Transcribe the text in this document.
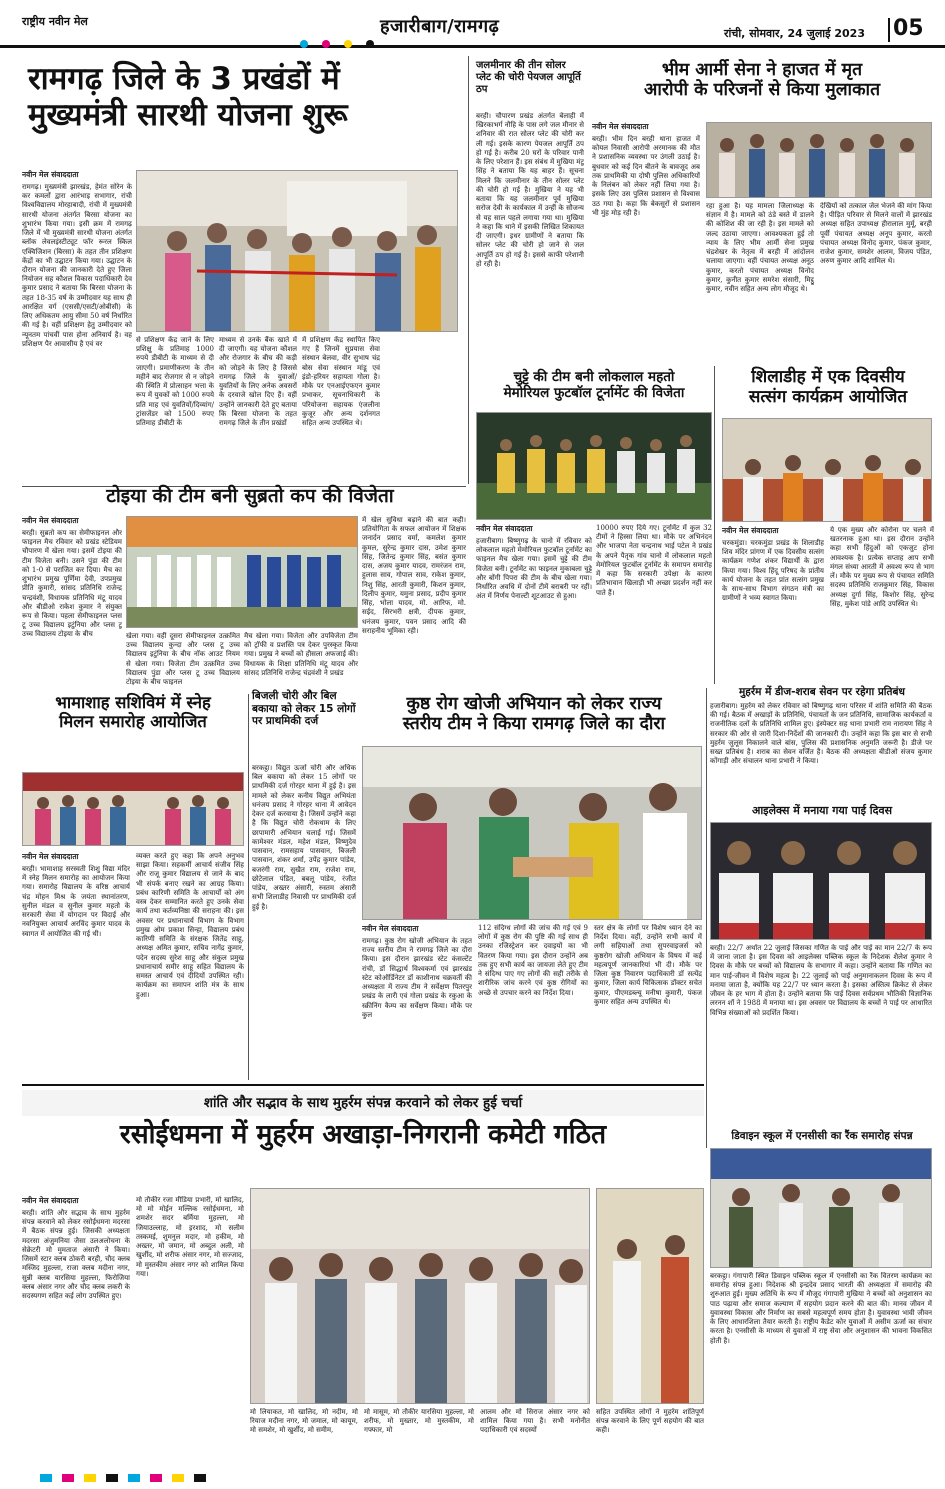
राष्ट्रीय नवीन मेल	हजारीबाग/रामगढ़	रांची, सोमवार, 24 जुलाई 2023 05
रामगढ़ जिले के 3 प्रखंडों में
मुख्यमंत्री सारथी योजना शुरू
नवीन मेल संवाददाता
रामगढ़। मुख्यमंत्री झारखंड, हेमंत सोरेन के कर कमलों द्वारा आरंभाइ सभागार, रांची विश्वविद्यालय मोरहाबादी, रांची में मुख्यमंत्री सारथी योजना अंतर्गत बिरसा योजना का शुभारंभ किया गया। इसी क्रम में रामगढ़ जिले में भी मुख्यमंत्री सारथी योजना अंतर्गत ब्लॉक लेवलइंस्टीट्यूट फॉर रूरल स्किल एक्विजिशन (बिरसा) के तहत तीन प्रशिक्षण केंद्रों का भी उद्घाटन किया गया। उद्घाटन के दौरान योजना की जानकारी देते हुए जिला नियोजन सह कौशल विकास पदाधिकारी देव कुमार प्रसाद ने बताया कि बिरसा योजना के तहत 18-35 वर्ष के उम्मीदवार यह साथ ही आरक्षित वर्ग (एससी/एसटी/ओबीसी) के लिए अधिकतम आयु सीमा 50 वर्ष निर्धारित की गई है। वहीं प्रशिक्षण हेतु उम्मीदवार को न्यूनतम पांचवीं पास होना अनिवार्य है। वह प्रशिक्षण पैर आवासीय है एवं वर	से प्रशिक्षण केंद्र जाने के लिए प्रशिक्षु के प्रतिमाह 1000 रुपये डीबीटी के माध्यम से दी जाएगी। प्रमाणीकरण के तीन महीने बाद रोजगार से न जोड़ने की स्थिति में प्रोत्साहन भत्ता के रूप में युवकों को 1000 रुपये प्रति माह एवं युवतियों/दिव्यांग/ट्रांसजेंडर को 1500 रुपए प्रतिमाह डीबीटी के
माध्यम से उनके बैंक खाते में दी जाएगी। यह योजना कौशल और रोजगार के बीच की कड़ी को जोड़ने के लिए है जिससे रामगढ़ जिले के युवाओं/युवतियों के लिए अनेक अवसरों के दरवाजे खोल दिए हैं। वहीं उन्होंने जानकारी देते हुए बताया कि बिरसा योजना के तहत रामगढ़ जिले के तीन प्रखंडों
में प्रशिक्षण केंद्र स्थापित किए गए हैं जिनमें सुप्रयास सेवा संस्थान बेलवा, वीर सुभाष चंद्र बोस सेवा संस्थान मांडू एवं इंडो-हरियर सहायता गोला है। मौके पर एनआईएफएन कुमार प्रभाकर, सूचनाधिकारी के परियोजना सहायक एंजलीना कुजूर और अन्य दर्शनगत सहित अन्य उपस्थित थे।
जलमीनार की तीन सोलर प्लेट की चोरी पेयजल आपूर्ति ठप
बरही। चौपारण प्रखंड अंतर्गत बेलाही में खिरकाभर्ग नौहि के पास लगे जल मीनार से शनिवार की रात सोलर प्लेट की चोरी कर ली गई। इसके कारण पेयजल आपूर्ति ठप हो गई है। करीब 20 घरों के परिवार पानी के लिए परेशान हैं। इस संबंध में मुखिया मंटू सिंह ने बताया कि यह बाहर हैं। सूचना मिलने कि जलमीनार के तीन सोलर प्लेट की चोरी हो गई है। मुखिया ने यह भी बताया कि यह जलमीनार पूर्व मुखिया सरोज देवी के कार्यकाल में उन्हीं के सौजन्य से यह साल पहले लगाया गया था। मुखिया ने कहा कि थाने में इसकी लिखित शिकायत दी जाएगी। इधर ग्रामीणों ने बताया कि सोलर प्लेट की चोरी हो जाने से जल आपूर्ति ठप हो गई है। इससे काफी परेशानी हो रही है।
भीम आर्मी सेना ने हाजत में मृत
आरोपी के परिजनों से किया मुलाकात
नवीन मेल संवाददाता
बरही। भीम दिन बरही थाना हाजत में कोयल निवासी आरोपी अरमानक की मौत ने प्रशासनिक व्यवस्था पर उंगली उठाई है। बुधवार को कई दिन बीतने के बावजूद अब तक प्राथमिकी या दोषी पुलिस अधिकारियों के निलंबन को लेकर नहीं लिया गया है। इसके लिए उस पुलिस प्रशासन से विश्वास उठ गया है। कहा कि बेकसूरों से प्रशासन भी मुंह मोड़ रही है।
रहा हुआ है। यह मामला जिलाध्यक्ष के संज्ञान में है। मामले को ठंडे बस्ते में डालने की कोशिश की जा रही है। इस मामले को जल्द उठाया जाएगा। आवश्यकता हुई तो न्याय के लिए भीम आर्मी सेना प्रमुख चंद्रशेखर के नेतृत्व में बरही में आंदोलन चलाया जाएगा। वहीं पंचायत अध्यक्ष अनूठ कुमार, करतो पंचायत अध्यक्ष विनोद कुमार, कुनीत कुमार समरेश संसारी, मिट्ठू कुमार, नवीन सहित अन्य लोग मौजूद थे।
देखियों को तत्काल जेल भेजने की मांग किया है। पीड़ित परिवार से मिलने वालों में झारखंड अध्यक्ष सहित उपाध्यक्ष हीरालाल मुर्मू, बरही पूर्वी पंचायत अध्यक्ष अनूप कुमार, करतो पंचायत अध्यक्ष विनोद कुमार, पंकज कुमार, राजेश कुमार, समशेर आलम, विजय पंडित, अरुण कुमार आदि शामिल थे।
चुट्टे की टीम बनी लोकलाल महतो
मेमोरियल फुटबॉल टूर्नामेंट की विजेता
नवीन मेल संवाददाता
हजारीबाग। बिष्णुगढ़ के चानो में रविवार को लोकलाल महतो मेमोरियल फुटबॉल टूर्नामेंट का फाइनल मैच खेला गया। इसमें चुट्टे की टीम विजेता बनी। टूर्नामेंट का फाइनल मुकाबला चुट्टे और बोंगी पिपरा की टीम के बीच खेला गया। निर्धारित अवधि में दोनों टीमें बराबरी पर रहीं। अंत में निर्णय पेनाल्टी शूटआउट से हुआ।
10000 रुपए दिये गए। टूर्नामेंट में कुल 32 टीमों ने हिस्सा लिया था। मौके पर अभिनंदन और भाजपा नेता चन्द्रनाथ भाई पटेल ने प्रखंड के अपने पैतृक गांव चानो में लोकलाल महतो मेमोरियल फुटबॉल टूर्नामेंट के समापन समारोह में कहा कि सरकारी उपेक्षा के कारण प्रतिभावान खिलाड़ी भी अच्छा प्रदर्शन नहीं कर पाते हैं।
शिलाडीह में एक दिवसीय
सत्संग कार्यक्रम आयोजित
नवीन मेल संवाददाता
चरकमुंडा। चरकमुंडा प्रखंड के शिलाडीह शिव मंदिर प्रांगण में एक दिवसीय सत्संग कार्यक्रम गणेश शंकर विद्यार्थी के द्वारा किया गया। विश्व हिंदू परिषद के प्रांतीय कार्य योजना के तहत प्रांत सत्संग प्रमुख के साथ-साथ विभाग संगठन मंत्री का ग्रामीणों ने भव्य स्वागत किया।
ये एक मुख्य और कोरोना पर चलने में खतरनाक हुआ था। इस दौरान उन्होंने कहा सभी हिंदुओं को एकजुट होना आवश्यक है। प्रत्येक सप्ताह आप सभी मंगल संध्या आरती में अवश्य रूप से भाग लें। मौके पर मुख्य रूप से पंचायत समिति सदस्य प्रतिनिधि राजकुमार सिंह, विकास अध्यक्ष दुर्गा सिंह, किशोर सिंह, सुरेन्द्र सिंह, मुकेश पांडे आदि उपस्थित थे।
टोइया की टीम बनी सुब्रतो कप की विजेता
नवीन मेल संवाददाता
बरही। सुब्रतो कप का सेमीफाइनल और फाइनल मैच रविवार को प्रखंड स्टेडियम चौपारण में खेला गया। इसमें टोइया की टीम विजेता बनी। उसने पुंडा की टीम को 1-0 से पराजित कर दिया। मैच का शुभारंभ प्रमुख पूर्णिमा देवी, उपप्रमुख प्रीति कुमारी, सांसद प्रतिनिधि राजेन्द्र चन्द्रवंशी, विधायक प्रतिनिधि मंटू यादव और बीडीओ राकेश कुमार ने संयुक्त रूप से किया। पहला सेमीफाइनल प्लस टू उच्च विद्यालय इटुंनिया और प्लस टू उच्च विद्यालय टोइया के बीच	खेला गया। वहीं दूसरा सेमीफाइनल उत्क्रमित उच्च विद्यालय कुन्दा और प्लस टू उच्च विद्यालय इटुंनिया के बीच नॉक आउट नियम से खेला गया। विजेता टीम उत्क्रमित उच्च विद्यालय पुंडा और प्लस टू उच्च विद्यालय टोइया के बीच फाइनल
मैच खेला गया। विजेता और उपविजेता टीम को ट्रॉफी व प्रशस्ति पत्र देकर पुरस्कृत किया गया। प्रमुख ने बच्चों को हौसला अफजाई की। विधायक के शिक्षा प्रतिनिधि मंटू यादव और सांसद प्रतिनिधि राजेन्द्र चंद्रवंशी ने प्रखंड
में खेल सुविधा बढ़ाने की बात कही। प्रतियोगिता के सफल आयोजन में शिक्षक जनार्दन प्रसाद वर्मा, कमलेश कुमार कुमल, सुरेन्द्र कुमार दास, उमेश कुमार सिंह, जितेन्द्र कुमार सिंह, बसंत कुमार दास, अजय कुमार यादव, रामरंजन राम, हुलास साव, गोपाल साव, राकेश कुमार, निशु सिंह, आरती कुमारी, किशन कुमार, दिलीप कुमार, यमुना प्रसाद, प्रदीप कुमार सिंह, भोला यादव, मो. आरिफ, मो. सईद, सिरभरी क्षत्री, दीपक कुमार, धनंजय कुमार, पवन प्रसाद आदि की सराहनीय भूमिका रही।
भामाशाह सशिविमं में स्नेह
मिलन समारोह आयोजित
नवीन मेल संवाददाता
बरही। भामाशाह सरस्वती शिशु विद्या मंदिर में स्नेह मिलन समारोह का आयोजन किया गया। समारोह विद्यालय के वरिष्ठ आचार्य चंद्र मोहन मिश्र के जयंता स्थानांतरण, सुनील मंडल व सुनील कुमार महतो के सरकारी सेवा में योगदान पर विदाई और नवनियुक्त आचार्य अरविंद कुमार यादव के स्वागत में आयोजित की गई थी।
व्यक्त करते हुए कहा कि अपने अनुभव साझा किया। सहकर्मी आचार्य संजीव सिंह और राजू कुमार विद्यालय से जाने के बाद भी संपर्क बनाए रखने का आग्रह किया। प्रबंध कारिणी समिति के आचार्यों को अंग वस्त्र देकर सम्मानित करते हुए उनके सेवा कार्य तथा कर्तव्यनिष्ठा की सराहना की। इस अवसर पर प्रधानाचार्य विभाग के विभाग प्रमुख ओम प्रकाश सिन्हा, विद्यालय प्रबंध कारिणी समिति के संरक्षक जितेंद्र साहू, अध्यक्ष अमित कुमार, सचिव नागेंद्र कुमार, पदेन सदस्य सुरेश साहू और संकुल प्रमुख प्रधानाचार्य समीर साहू सहित विद्यालय के समस्त आचार्य एवं दीदियों उपस्थित रही। कार्यक्रम का समापन शांति मंत्र के साथ हुआ।
बिजली चोरी और बिल बकाया को लेकर 15 लोगों पर प्राथमिकी दर्ज
बरकट्ठा। विद्युत ऊर्जा चोरी और अधिक बिल बकाया को लेकर 15 लोगों पर प्राथमिकी दर्ज गोरहर थाना में हुई है। इस मामले को लेकर कनीय विद्युत अभियंता धनंजय प्रसाद ने गोरहर थाना में आवेदन देकर दर्ज करवाया है। जिसमें उन्होंने कहा है कि विद्युत चोरी रोकथाम के लिए छापामारी अभियान चलाई गई। जिसमें कामेश्वर मंडल, महेश मंडल, विष्णुदेव पासवान, रामसहाय पासवान, बिजली पासवान, शंकर शर्मा, उपेंद्र कुमार पांडेय, बजरंगी राम, सुखैत राम, राजेश राम, छोटेलाल पंडित, बबलू पांडेय, रंजीत पांडेय, अख्तर अंसारी, रुस्तम अंसारी सभी शिलाडीह निवासी पर प्राथमिकी दर्ज हुई है।
कुष्ठ रोग खोजी अभियान को लेकर राज्य
स्तरीय टीम ने किया रामगढ़ जिले का दौरा
नवीन मेल संवाददाता
रामगढ़। कुष्ठ रोग खोजी अभियान के तहत राज्य स्तरीय टीम ने रामगढ़ जिले का दौरा किया। इस दौरान झारखंड स्टेट कंसल्टेंट रांची, डॉ सिद्धार्थ विश्वकर्मा एवं झारखंड स्टेट कोऑर्डिनेटर डॉ काशीनाथ चक्रवर्ती की अध्यक्षता में राज्य टीम ने सर्वेक्षण पितरपुर प्रखंड के लारी एवं गोला प्रखंड के रकुआ के स्क्रीनिंग कैम्प का सर्वेक्षण किया। मौके पर कुल
112 संदिग्ध लोगों की जांच की गई एवं 9 लोगों में कुष्ठ रोग की पुष्टि की गई साथ ही उनका रजिस्ट्रेशन कर दवाइयों का भी वितरण किया गया। इस दौरान उन्होंने अब तक हुए सभी कार्य का जायजा लेते हुए टीम ने संदिग्ध पाए गए लोगों की सही तरीके से शारीरिक जांच करने एवं कुष्ठ रोगियों का अच्छे से उपचार करने का निर्देश दिया।
स्तर क्षेत्र के लोगों पर विशेष ध्यान देने का निर्देश दिया। वहीं, उन्होंने सभी कार्य में लगी सहियाओं तथा सुपरवाइजर्स को कुष्ठरोग खोजी अभियान के विषय में कई महत्वपूर्ण जानकारियां भी दी। मौके पर जिला कुष्ठ निवारण पदाधिकारी डॉ सत्येंद्र कुमार, जिला कार्य चिकित्सक डॉक्टर सचेत कुमार, पीएमडब्ल्यू मनीषा कुमारी, पंकज कुमार सहित अन्य उपस्थित थे।
मुहर्रम में डीज-शराब सेवन पर रहेगा प्रतिबंध
हजारीबाग। मुहर्रम को लेकर रविवार को बिष्णुगढ़ थाना परिसर में शांति समिति की बैठक की गई। बैठक में अखाड़ों के प्रतिनिधि, पंचायतों के जन प्रतिनिधि, सामाजिक कार्यकर्ता व राजनीतिक दलों के प्रतिनिधि शामिल हुए। इंस्पेक्टर सह थाना प्रभारी राम नारायण सिंह ने सरकार की ओर से जारी दिशा-निर्देशों की जानकारी दी। उन्होंने कहा कि इस बार से सभी मुहर्रम जुलूस निकालने वाले बांस, पुलिस की प्रशासनिक अनुमति जरूरी है। डीजे पर सख्त प्रतिबंध है। शराब का सेवन वर्जित है। बैठक की अध्यक्षता बीडीओ संजय कुमार कोंगाड़ी और संचालन थाना प्रभारी ने किया।
आइलेक्स में मनाया गया पाई दिवस
बरही। 22/7 अर्थात 22 जुलाई जिसका गणित के पाई और पाई का मान 22/7 के रूप में जाना जाता है। इस दिवस को आइलेक्स पब्लिक स्कूल के निदेशक शैलेश कुमार ने दिवस के मौके पर बच्चों को विद्यालय के सभागार में कहा। उन्होंने बताया कि गणित का मान पाई-जीवन में विशेष महत्व है। 22 जुलाई को पाई अनुमानाकलन दिवस के रूप में मनाया जाता है, क्योंकि यह 22/7 पर ध्यान करता है। इसका अस्तित्व क्रिकेट से लेकर जीवन के हर भाग में होता है। उन्होंने बताया कि पाई दिवस सर्वप्रथम भौतिकी विज्ञानिक लरनन शॉ ने 1988 में मनाया था। इस अवसर पर विद्यालय के बच्चों ने पाई पर आधारित विभिन्न संख्याओं को प्रदर्शित किया।
डिवाइन स्कूल में एनसीसी का रैंक समारोह संपन्न
बरकट्ठा। गंगापारी स्थित डिवाइन पब्लिक स्कूल में एनसीसी का रैंक वितरण कार्यक्रम का समारोह संपन्न हुआ। निदेशक श्री इन्द्रदेव प्रसाद भारती की अध्यक्षता में समारोह की शुरुआत हुई। मुख्य अतिथि के रूप में मौजूद गंगापारी मुखिया ने बच्चों को अनुशासन का पाठ पढ़ाया और समाज कल्याण में सहयोग प्रदान करने की बात की। मानव जीवन में युवावस्था विकास और निर्माण का सबसे महत्वपूर्ण समय होता है। युवावस्था भावी जीवन के लिए आधारशिला तैयार करती है। राष्ट्रीय कैडेट कोर युवाओं में असीम ऊर्जा का संचार करता है। एनसीसी के माध्यम से युवाओं में राष्ट्र सेवा और अनुशासन की भावना विकसित होती है।
शांति और सद्भाव के साथ मुहर्रम संपन्न करवाने को लेकर हुई चर्चा
रसोईधमना में मुहर्रम अखाड़ा-निगरानी कमेटी गठित
नवीन मेल संवाददाता
बरही। शांति और सद्भाव के साथ मुहर्रम संपन्न करवाने को लेकर रसोईधमना मदरसा में बैठक संपन्न हुई। जिसकी अध्यक्षता मदरसा अंजुमनिया जैसा उलअलोचना के सेक्रेटरी मो मुमताज अंसारी ने किया। जिसमें स्टार क्लब ठोकरी बरही, चौद क्लब मस्जिद मुहल्ला, राजा क्लब मदीना नगर, सुन्नी क्लब यारसिया मुहल्ला, फिरोजिया क्लब अंसार नगर और चौद क्लब लकरी के सदस्यगण सहित कई लोग उपस्थित हुए।
मो तौकीर रजा मीडिया प्रभारी, मो खालिद, मो मो मोईन मल्लिक रसोईधमना, मो शमशेर सदर बर्मिया मुहल्ला, मो जियाउल्लाह, मो इरशाद, मो सलीम तस्कमई, शुमनुल मदार, मो हकीम, मो अख्तर, मो जमान, मो अब्दुल अली, मो खुर्शीद, मो शरीफ अंसार नगर, मो सज्जाद, मो मुस्तकीम अंसार नगर को शामिल किया गया।
मो लियाकत, मो खालिद, मो नदीम, मो रियाज मदीना नगर, मो जमाल, मो कायूम, मो समशेर, मो खुर्शीद, मो समीम,
मो मासूम, मो तौकीर यारसिया मुहल्ला, मो शरीफ, मो मुख्तार, मो मुस्तकीम, मो गफ्फार, मो
आलम और मो सिराज अंसार नगर को शामिल किया गया है। सभी मनोनीत पदाधिकारी एवं सदस्यों
सहित उपस्थित लोगों ने मुहर्रम शांतिपूर्ण संपन्न करवाने के लिए पूर्ण सहयोग की बात कही।
